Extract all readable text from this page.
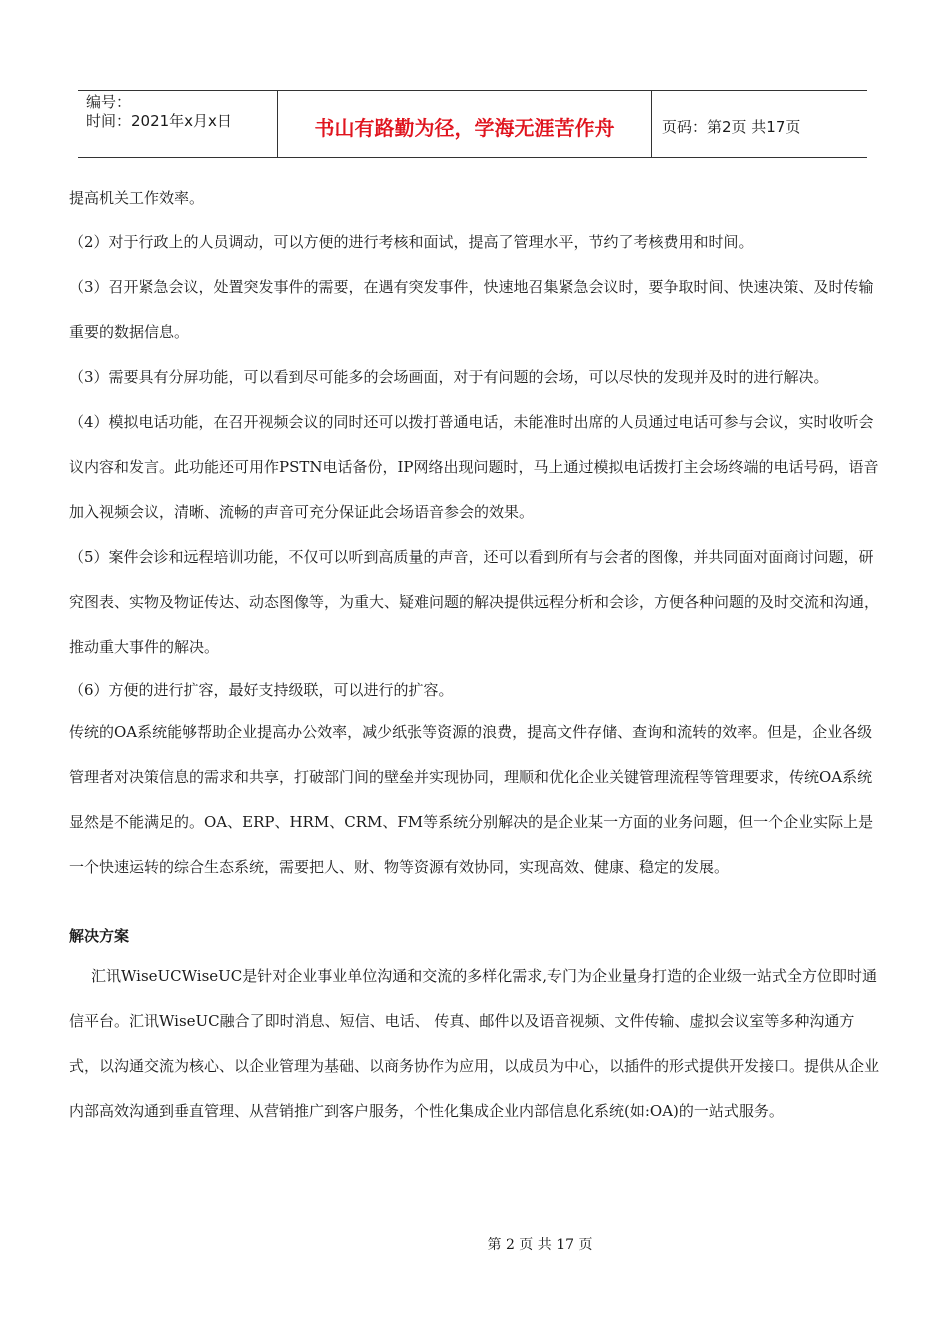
编号：
时间：2021年x月x日	书山有路勤为径，学海无涯苦作舟	页码：第2页 共17页

提高机关工作效率。

（2）对于行政上的人员调动，可以方便的进行考核和面试，提高了管理水平，节约了考核费用和时间。

（3）召开紧急会议，处置突发事件的需要，在遇有突发事件，快速地召集紧急会议时，要争取时间、快速决策、及时传输重要的数据信息。

（3）需要具有分屏功能，可以看到尽可能多的会场画面，对于有问题的会场，可以尽快的发现并及时的进行解决。

（4）模拟电话功能，在召开视频会议的同时还可以拨打普通电话，未能准时出席的人员通过电话可参与会议，实时收听会议内容和发言。此功能还可用作PSTN电话备份，IP网络出现问题时，马上通过模拟电话拨打主会场终端的电话号码，语音加入视频会议，清晰、流畅的声音可充分保证此会场语音参会的效果。

（5）案件会诊和远程培训功能，不仅可以听到高质量的声音，还可以看到所有与会者的图像，并共同面对面商讨问题，研究图表、实物及物证传达、动态图像等，为重大、疑难问题的解决提供远程分析和会诊，方便各种问题的及时交流和沟通，推动重大事件的解决。

（6）方便的进行扩容，最好支持级联，可以进行的扩容。

传统的OA系统能够帮助企业提高办公效率，减少纸张等资源的浪费，提高文件存储、查询和流转的效率。但是，企业各级管理者对决策信息的需求和共享，打破部门间的壁垒并实现协同，理顺和优化企业关键管理流程等管理要求，传统OA系统显然是不能满足的。OA、ERP、HRM、CRM、FM等系统分别解决的是企业某一方面的业务问题，但一个企业实际上是一个快速运转的综合生态系统，需要把人、财、物等资源有效协同，实现高效、健康、稳定的发展。

解决方案

汇讯WiseUCWiseUC是针对企业事业单位沟通和交流的多样化需求,专门为企业量身打造的企业级一站式全方位即时通信平台。汇讯WiseUC融合了即时消息、短信、电话、 传真、邮件以及语音视频、文件传输、虚拟会议室等多种沟通方式，以沟通交流为核心、以企业管理为基础、以商务协作为应用，以成员为中心，以插件的形式提供开发接口。提供从企业内部高效沟通到垂直管理、从营销推广到客户服务，个性化集成企业内部信息化系统(如:OA)的一站式服务。

第 2 页 共 17 页
